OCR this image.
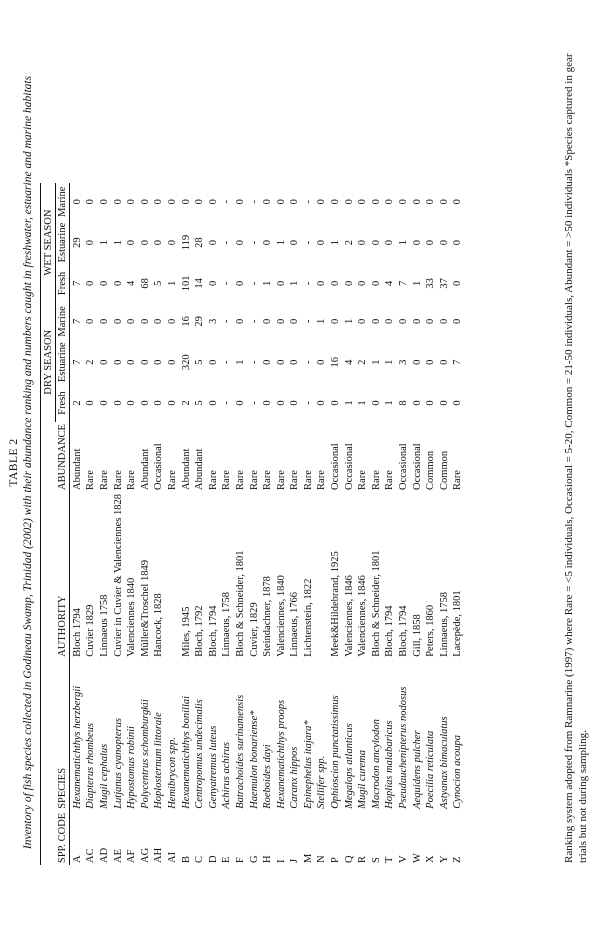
TABLE 2 Inventory of fish species collected in Godineau Swamp, Trinidad (2002) with their abundance ranking and numbers caught in freshwater, estuarine and marine habitats
				DRY SEASON			WET SEASON		
SPP. CODE	SPECIES	AUTHORITY	ABUNDANCE	Fresh	Estuarine	Marine	Fresh	Estuarine	Marine
A	Hexanematichthys herzbergii	Bloch 1794	Abundant	2	7	7	7	29	0
AC	Diapterus rhombeus	Cuvier 1829	Rare	0	2	0	0	0	0
AD	Mugil cephalus	Linnaeus 1758	Rare	0	0	0	0	1	0
AE	Lutjanus cyanopterus	Cuvier in Cuvier & Valenciennes 1828	Rare	0	0	0	0	1	0
AF	Hypostomus robinii	Valenciennes 1840	Rare	0	0	0	4	0	0
AG	Polycentrus schomburgkii	Müller&Troschel 1849	Abundant	0	0	0	68	0	0
AH	Hoplosternum littorale	Hancock, 1828	Occasional	0	0	0	5	0	0
AI	Hemibrycon spp.		Rare	0	0	0	1	0	0
B	Hexanematichthys bonillai	Miles, 1945	Abundant	2	320	16	101	119	0
C	Centropomus undecimalis	Bloch, 1792	Abundant	5	5	29	14	28	0
D	Genyatremus luteus	Bloch, 1794	Rare	0	0	3	0	0	0
E	Achirus achirus	Linnaeus, 1758	Rare	-	-	-	-	-	-
F	Batrachoides surinamensis	Bloch & Schneider, 1801	Rare	0	1	0	0	0	0
G	Haemulon bonariense*	Cuvier, 1829	Rare	-	-	-	-	-	-
H	Roeboides dayi	Steindachner, 1878	Rare	0	0	0	1	0	0
I	Hexanematichthys proops	Valenciennes, 1840	Rare	0	0	0	0	1	0
J	Caranx hippos	Linnaeus, 1766	Rare	0	0	0	1	0	0
M	Epinephelus itajara*	Lichtenstein, 1822	Rare	-	-	-	-	-	-
N	Stellifer spp.		Rare	0	0	1	0	0	0
P	Ophioscion punctatissimus	Meek&Hildebrand, 1925	Occasional	0	16	0	0	1	0
Q	Megalops atlanticus	Valenciennes, 1846	Occasional	1	4	1	0	2	0
R	Mugil curema	Valenciennes, 1846	Rare	1	2	0	0	0	0
S	Macrodon ancylodon	Bloch & Schneider, 1801	Rare	0	1	0	0	0	0
T	Hoplias malabaricus	Bloch, 1794	Rare	1	1	0	4	0	0
V	Pseudauchenipterus nodosus	Bloch, 1794	Occasional	8	3	0	7	1	0
W	Aequidens pulcher	Gill, 1858	Occasional	0	0	0	1	0	0
X	Poecilia reticulata	Peters, 1860	Common	0	0	0	33	0	0
Y	Astyanax bimaculatus	Linnaeus, 1758	Common	0	0	0	37	0	0
Z	Cynocion acoupa	Lacepède, 1801	Rare	0	7	0	0	0	0	Ranking system adopted from Ramnarine (1997) where Rare = <5 individuals, Occasional = 5-20, Common = 21-50 individuals, Abundant = >50 individuals *Species captured in gear trials but not during sampling.
